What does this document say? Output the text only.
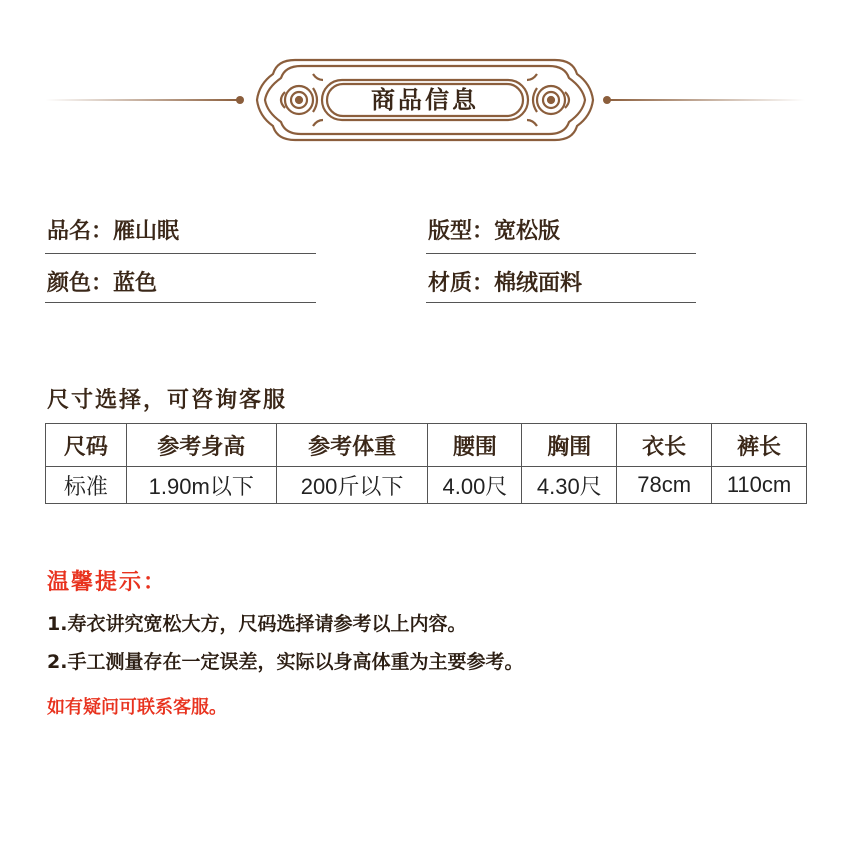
商品信息
品名：雁山眠	版型：宽松版
颜色：蓝色	材质：棉绒面料
尺寸选择，可咨询客服
尺码	参考身高	参考体重	腰围	胸围	衣长	裤长
标准	1.90m以下	200斤以下	4.00尺	4.30尺	78cm	110cm
温馨提示：
1.寿衣讲究宽松大方，尺码选择请参考以上内容。
2.手工测量存在一定误差，实际以身高体重为主要参考。
如有疑问可联系客服。
